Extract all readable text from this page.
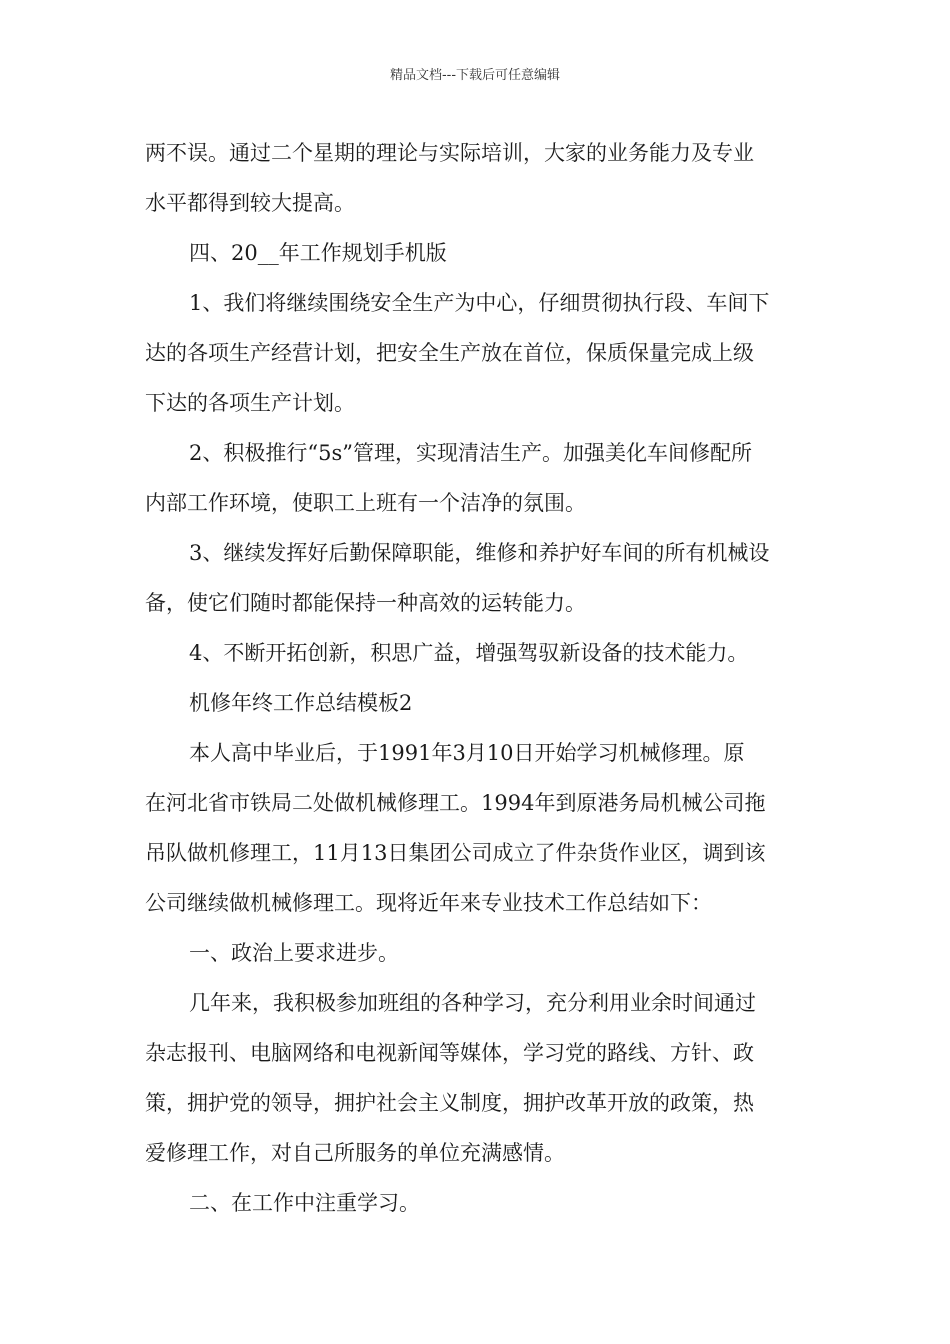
精品文档---下载后可任意编辑
两不误。通过二个星期的理论与实际培训，大家的业务能力及专业
水平都得到较大提高。
四、20__年工作规划手机版
1、我们将继续围绕安全生产为中心，仔细贯彻执行段、车间下
达的各项生产经营计划，把安全生产放在首位，保质保量完成上级
下达的各项生产计划。
2、积极推行“5s”管理，实现清洁生产。加强美化车间修配所
内部工作环境，使职工上班有一个洁净的氛围。
3、继续发挥好后勤保障职能，维修和养护好车间的所有机械设
备，使它们随时都能保持一种高效的运转能力。
4、不断开拓创新，积思广益，增强驾驭新设备的技术能力。
机修年终工作总结模板2
本人高中毕业后，于1991年3月10日开始学习机械修理。原
在河北省市铁局二处做机械修理工。1994年到原港务局机械公司拖
吊队做机修理工，11月13日集团公司成立了件杂货作业区，调到该
公司继续做机械修理工。现将近年来专业技术工作总结如下：
一、政治上要求进步。
几年来，我积极参加班组的各种学习，充分利用业余时间通过
杂志报刊、电脑网络和电视新闻等媒体，学习党的路线、方针、政
策，拥护党的领导，拥护社会主义制度，拥护改革开放的政策，热
爱修理工作，对自己所服务的单位充满感情。
二、在工作中注重学习。
